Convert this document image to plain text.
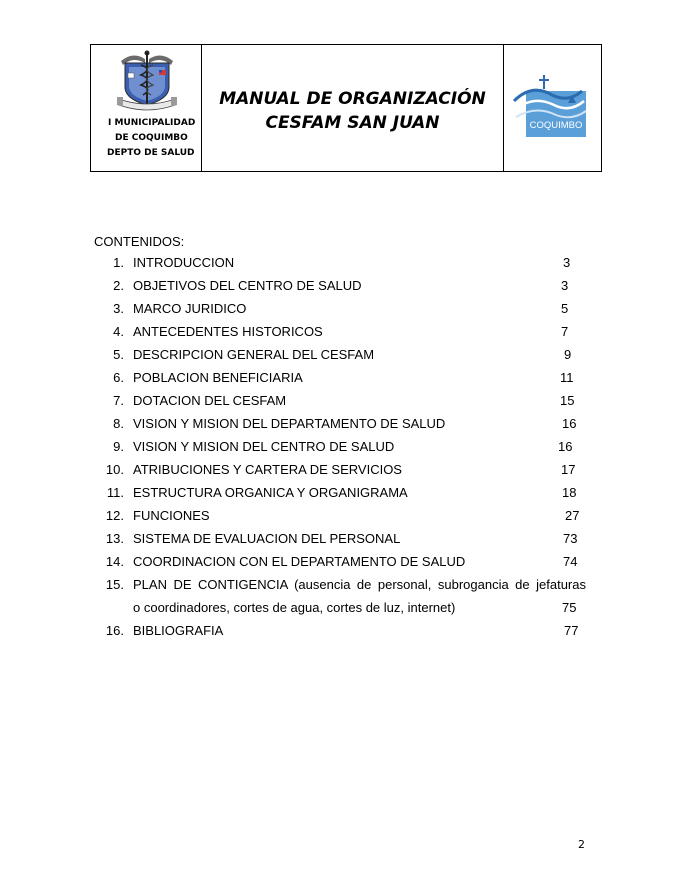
I MUNICIPALIDAD
DE COQUIMBO
DEPTO DE SALUD
MANUAL DE ORGANIZACIÓN
CESFAM SAN JUAN	COQUIMBO
CONTENIDOS:
1. INTRODUCCION	3
2. OBJETIVOS DEL CENTRO DE SALUD	3
3. MARCO JURIDICO	5
4. ANTECEDENTES HISTORICOS	7
5. DESCRIPCION GENERAL DEL CESFAM	9
6. POBLACION BENEFICIARIA	11
7. DOTACION DEL CESFAM	15
8. VISION Y MISION DEL DEPARTAMENTO DE SALUD	16
9. VISION Y MISION DEL CENTRO DE SALUD	16
10. ATRIBUCIONES Y CARTERA DE SERVICIOS	17
11. ESTRUCTURA ORGANICA Y ORGANIGRAMA	18
12. FUNCIONES	27
13. SISTEMA DE EVALUACION DEL PERSONAL	73
14. COORDINACION CON EL DEPARTAMENTO DE SALUD	74
15. PLAN DE CONTIGENCIA (ausencia de personal, subrogancia de jefaturas
o coordinadores, cortes de agua, cortes de luz, internet)	75
16. BIBLIOGRAFIA	77
2
